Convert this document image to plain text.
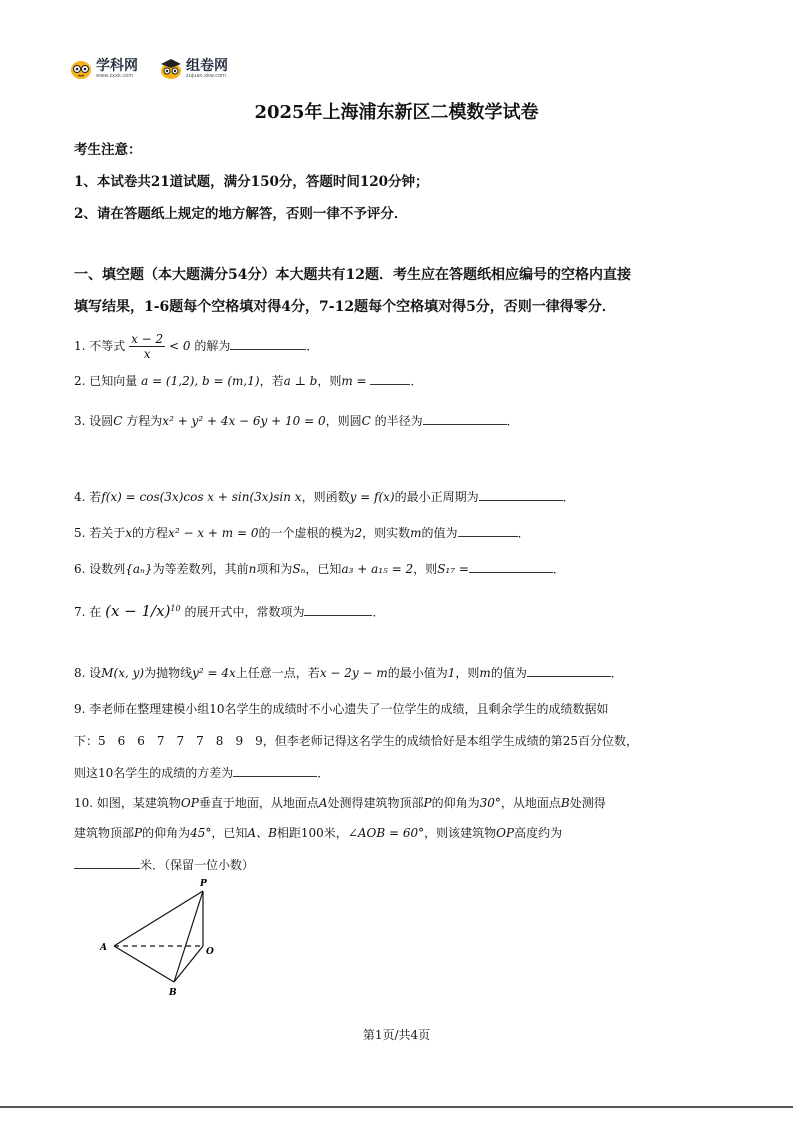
学科网
www.zxxk.com
组卷网
zujuan.xkw.com
2025年上海浦东新区二模数学试卷
考生注意：
1、本试卷共21道试题，满分150分，答题时间120分钟；
2、请在答题纸上规定的地方解答，否则一律不予评分．
一、填空题（本大题满分54分）本大题共有12题．考生应在答题纸相应编号的空格内直接
填写结果，1-6题每个空格填对得4分，7-12题每个空格填对得5分，否则一律得零分．
1. 不等式 $\frac{x - 2}{x} < 0$ 的解为	．
2. 已知向量 a = (1,2), b = (m,1)，若a ⊥ b，则m =	．
3. 设圆C 方程为x² + y² + 4x − 6y + 10 = 0，则圆C 的半径为	．
4. 若f(x) = cos(3x)cos x + sin(3x)sin x，则函数y = f(x)的最小正周期为	．
5. 若关于x的方程x² − x + m = 0的一个虚根的模为2，则实数m的值为	．
6. 设数列{aₙ}为等差数列，其前n项和为Sₙ，已知a₃ + a₁₅ = 2，则S₁₇ =	．
7. 在 $(x - 1/x)^{10}$ 的展开式中，常数项为	．
8. 设M(x, y)为抛物线y² = 4x上任意一点，若x − 2y − m的最小值为1，则m的值为	．
9. 李老师在整理建模小组10名学生的成绩时不小心遗失了一位学生的成绩，且剩余学生的成绩数据如
下：5　6　6　7　7　7　8　9　9，但李老师记得这名学生的成绩恰好是本组学生成绩的第25百分位数，
则这10名学生的成绩的方差为	．
10. 如图，某建筑物OP垂直于地面，从地面点A处测得建筑物顶部P的仰角为30°，从地面点B处测得
建筑物顶部P的仰角为45°，已知A、B相距100米，∠AOB = 60°，则该建筑物OP高度约为
米．（保留一位小数）
P
A	O
B
第1页/共4页
